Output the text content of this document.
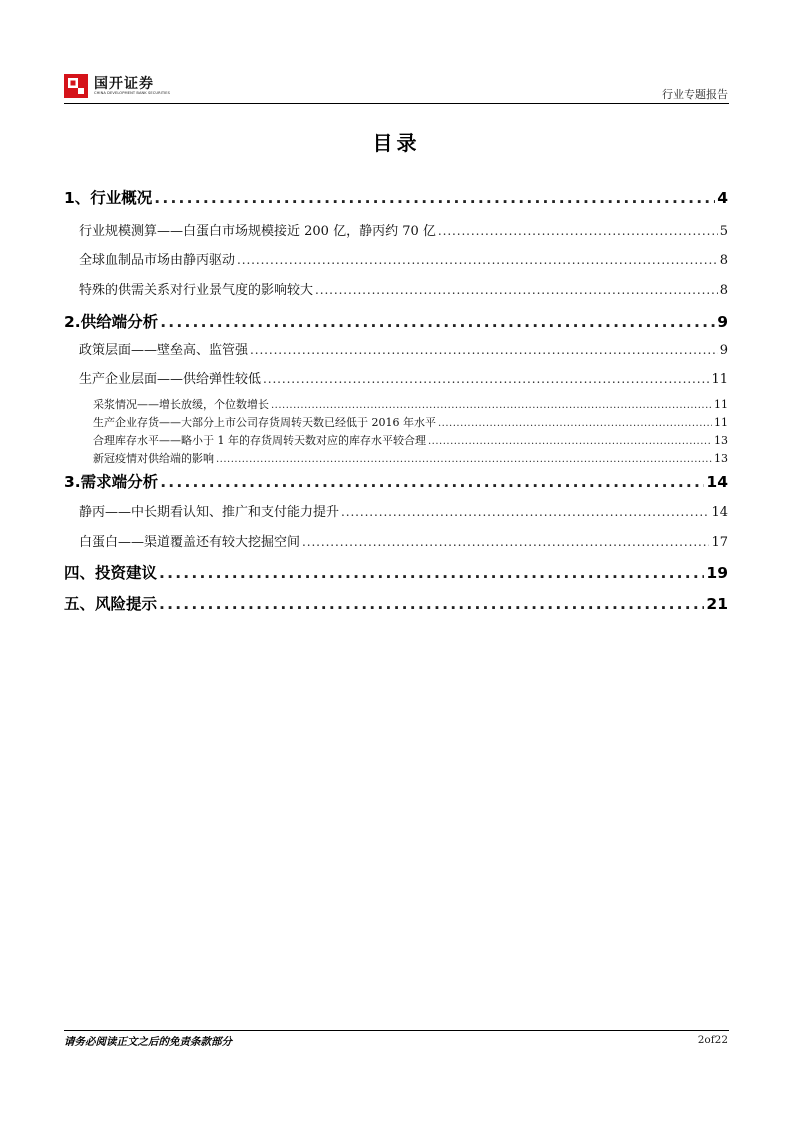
国开证券
CHINA DEVELOPMENT BANK SECURITIES	行业专题报告
目录
1、行业概况 .....	4
行业规模测算——白蛋白市场规模接近 200 亿，静丙约 70 亿 .....	5
全球血制品市场由静丙驱动 .....	8
特殊的供需关系对行业景气度的影响较大 .....	8
2.供给端分析 .....	9
政策层面——壁垒高、监管强 .....	9
生产企业层面——供给弹性较低 .....	11
采浆情况——增长放缓，个位数增长 .....	11
生产企业存货——大部分上市公司存货周转天数已经低于 2016 年水平 .....	11
合理库存水平——略小于 1 年的存货周转天数对应的库存水平较合理 .....	13
新冠疫情对供给端的影响 .....	13
3.需求端分析 .....	14
静丙——中长期看认知、推广和支付能力提升 .....	14
白蛋白——渠道覆盖还有较大挖掘空间 .....	17
四、投资建议 .....	19
五、风险提示 .....	21
请务必阅读正文之后的免责条款部分	2of22
